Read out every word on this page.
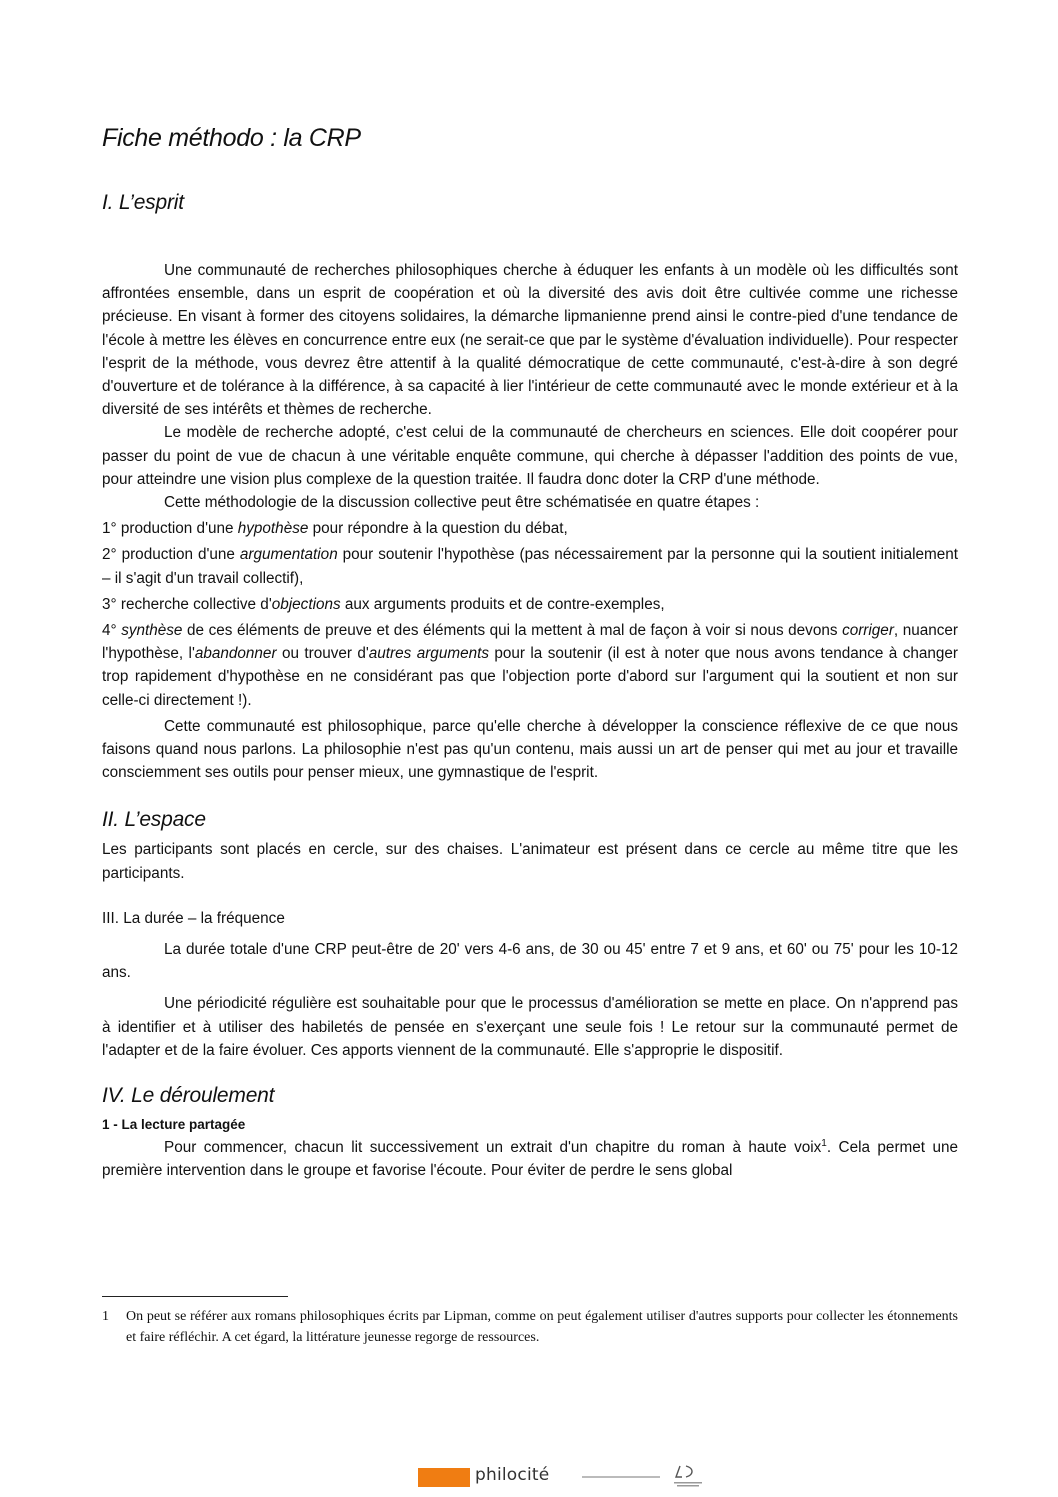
Fiche méthodo : la CRP
I. L’esprit

Une communauté de recherches philosophiques cherche à éduquer les enfants à un modèle où les difficultés sont affrontées ensemble, dans un esprit de coopération et où la diversité des avis doit être cultivée comme une richesse précieuse. En visant à former des citoyens solidaires, la démarche lipmanienne prend ainsi le contre-pied d'une tendance de l'école à mettre les élèves en concurrence entre eux (ne serait-ce que par le système d'évaluation individuelle). Pour respecter l'esprit de la méthode, vous devrez être attentif à la qualité démocratique de cette communauté, c'est-à-dire à son degré d'ouverture et de tolérance à la différence, à sa capacité à lier l'intérieur de cette communauté avec le monde extérieur et à la diversité de ses intérêts et thèmes de recherche.

Le modèle de recherche adopté, c'est celui de la communauté de chercheurs en sciences. Elle doit coopérer pour passer du point de vue de chacun à une véritable enquête commune, qui cherche à dépasser l'addition des points de vue, pour atteindre une vision plus complexe de la question traitée. Il faudra donc doter la CRP d'une méthode.

Cette méthodologie de la discussion collective peut être schématisée en quatre étapes :

1° production d'une hypothèse pour répondre à la question du débat,

2° production d'une argumentation pour soutenir l'hypothèse (pas nécessairement par la personne qui la soutient initialement – il s'agit d'un travail collectif),

3° recherche collective d'objections aux arguments produits et de contre-exemples,

4° synthèse de ces éléments de preuve et des éléments qui la mettent à mal de façon à voir si nous devons corriger, nuancer l'hypothèse, l'abandonner ou trouver d'autres arguments pour la soutenir (il est à noter que nous avons tendance à changer trop rapidement d'hypothèse en ne considérant pas que l'objection porte d'abord sur l'argument qui la soutient et non sur celle-ci directement !).

Cette communauté est philosophique, parce qu'elle cherche à développer la conscience réflexive de ce que nous faisons quand nous parlons. La philosophie n'est pas qu'un contenu, mais aussi un art de penser qui met au jour et travaille consciemment ses outils pour penser mieux, une gymnastique de l'esprit.

II. L’espace

Les participants sont placés en cercle, sur des chaises. L'animateur est présent dans ce cercle au même titre que les participants.

III. La durée – la fréquence

La durée totale d'une CRP peut-être de 20' vers 4-6 ans, de 30 ou 45' entre 7 et 9 ans, et 60' ou 75' pour les 10-12 ans.

Une périodicité régulière est souhaitable pour que le processus d'amélioration se mette en place. On n'apprend pas à identifier et à utiliser des habiletés de pensée en s'exerçant une seule fois ! Le retour sur la communauté permet de l'adapter et de la faire évoluer. Ces apports viennent de la communauté. Elle s'approprie le dispositif.

IV. Le déroulement

1 - La lecture partagée

Pour commencer, chacun lit successivement un extrait d'un chapitre du roman à haute voix$^1$. Cela permet une première intervention dans le groupe et favorise l'écoute. Pour éviter de perdre le sens global

1 On peut se référer aux romans philosophiques écrits par Lipman, comme on peut également utiliser d'autres supports pour collecter les étonnements et faire réfléchir. A cet égard, la littérature jeunesse regorge de ressources.
philocité
